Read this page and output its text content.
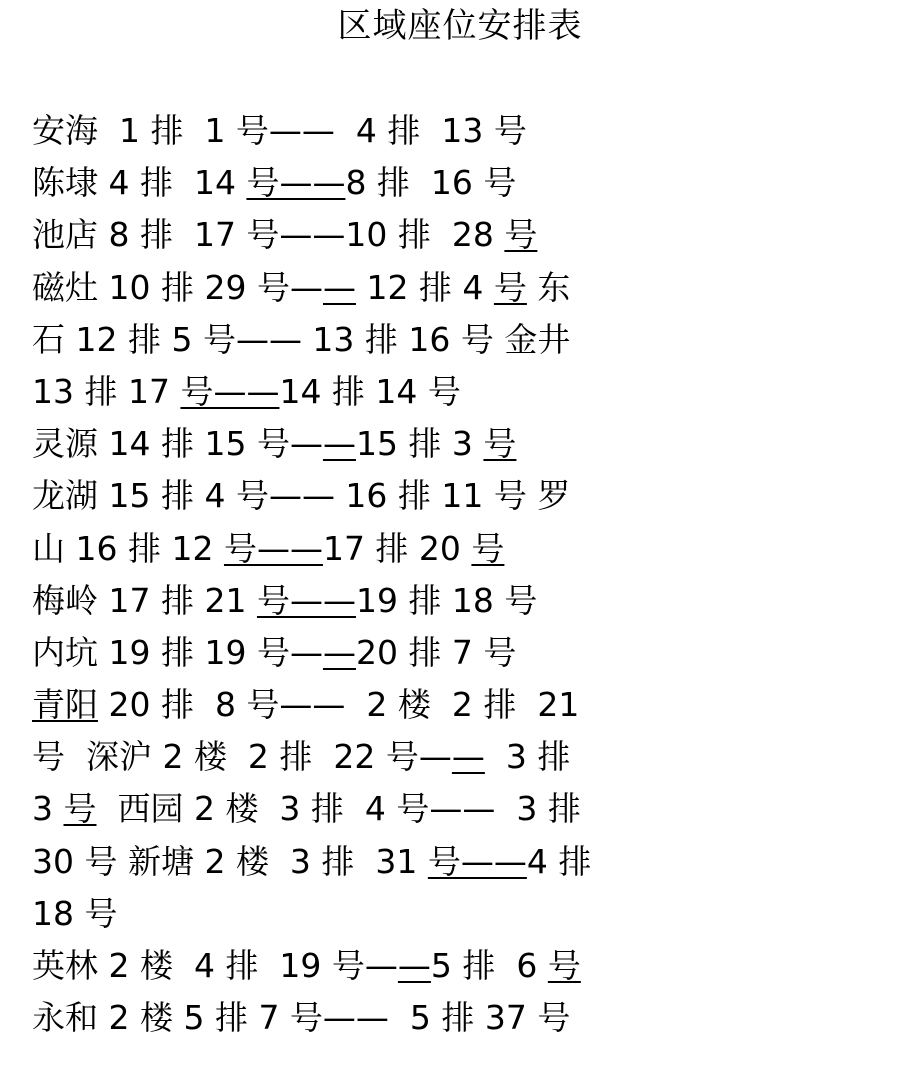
区域座位安排表
安海  1 排  1 号——  4 排  13 号
陈埭 4 排  14 号——8 排  16 号
池店 8 排  17 号——10 排  28 号
磁灶 10 排 29 号—— 12 排 4 号 东
石 12 排 5 号—— 13 排 16 号 金井
13 排 17 号——14 排 14 号
灵源 14 排 15 号——15 排 3 号
龙湖 15 排 4 号—— 16 排 11 号 罗
山 16 排 12 号——17 排 20 号
梅岭 17 排 21 号——19 排 18 号
内坑 19 排 19 号——20 排 7 号
青阳 20 排  8 号——  2 楼  2 排  21
号  深沪 2 楼  2 排  22 号——  3 排
3 号  西园 2 楼  3 排  4 号——  3 排
30 号 新塘 2 楼  3 排  31 号——4 排
18 号
英林 2 楼  4 排  19 号——5 排  6 号
永和 2 楼 5 排 7 号——  5 排 37 号
